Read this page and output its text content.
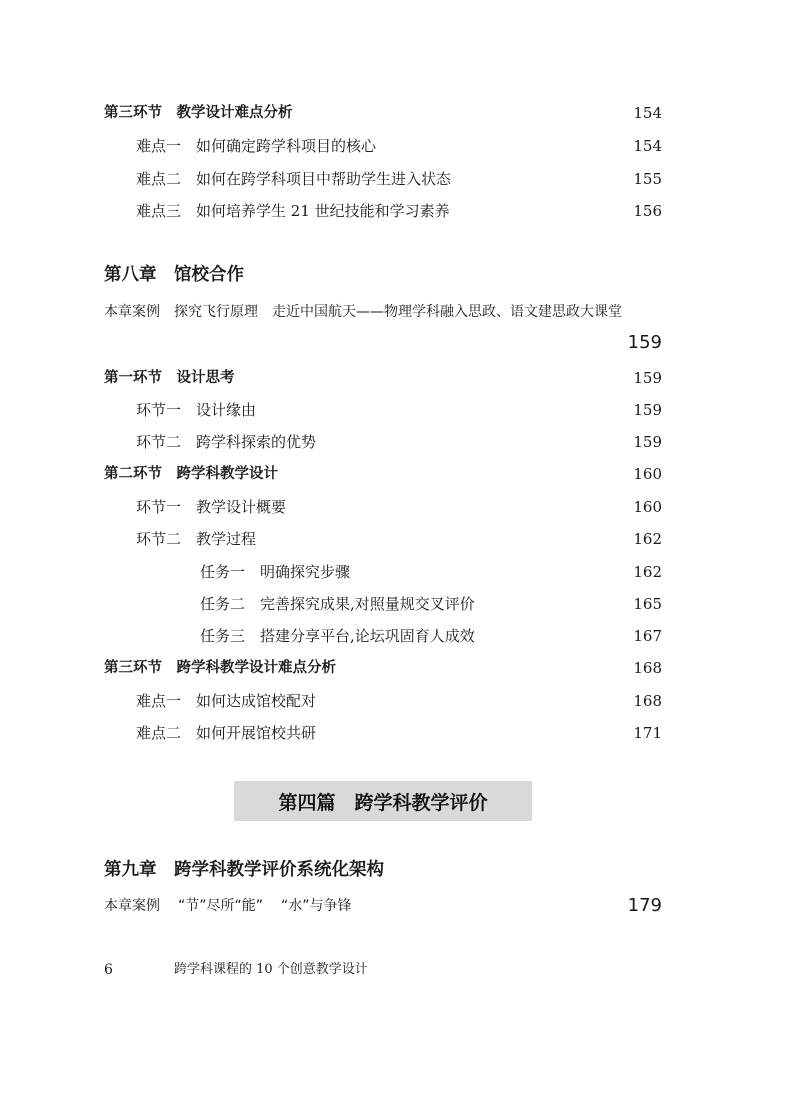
第三环节　教学设计难点分析	154
难点一　如何确定跨学科项目的核心	154
难点二　如何在跨学科项目中帮助学生进入状态	155
难点三　如何培养学生 21 世纪技能和学习素养	156
第八章　馆校合作
本章案例　探究飞行原理　走近中国航天——物理学科融入思政、语文建思政大课堂
159
第一环节　设计思考	159
环节一　设计缘由	159
环节二　跨学科探索的优势	159
第二环节　跨学科教学设计	160
环节一　教学设计概要	160
环节二　教学过程	162
任务一　明确探究步骤	162
任务二　完善探究成果,对照量规交叉评价	165
任务三　搭建分享平台,论坛巩固育人成效	167
第三环节　跨学科教学设计难点分析	168
难点一　如何达成馆校配对	168
难点二　如何开展馆校共研	171
第四篇　跨学科教学评价
第九章　跨学科教学评价系统化架构
本章案例 “节”尽所“能” “水”与争锋	179
6	跨学科课程的 10 个创意教学设计
